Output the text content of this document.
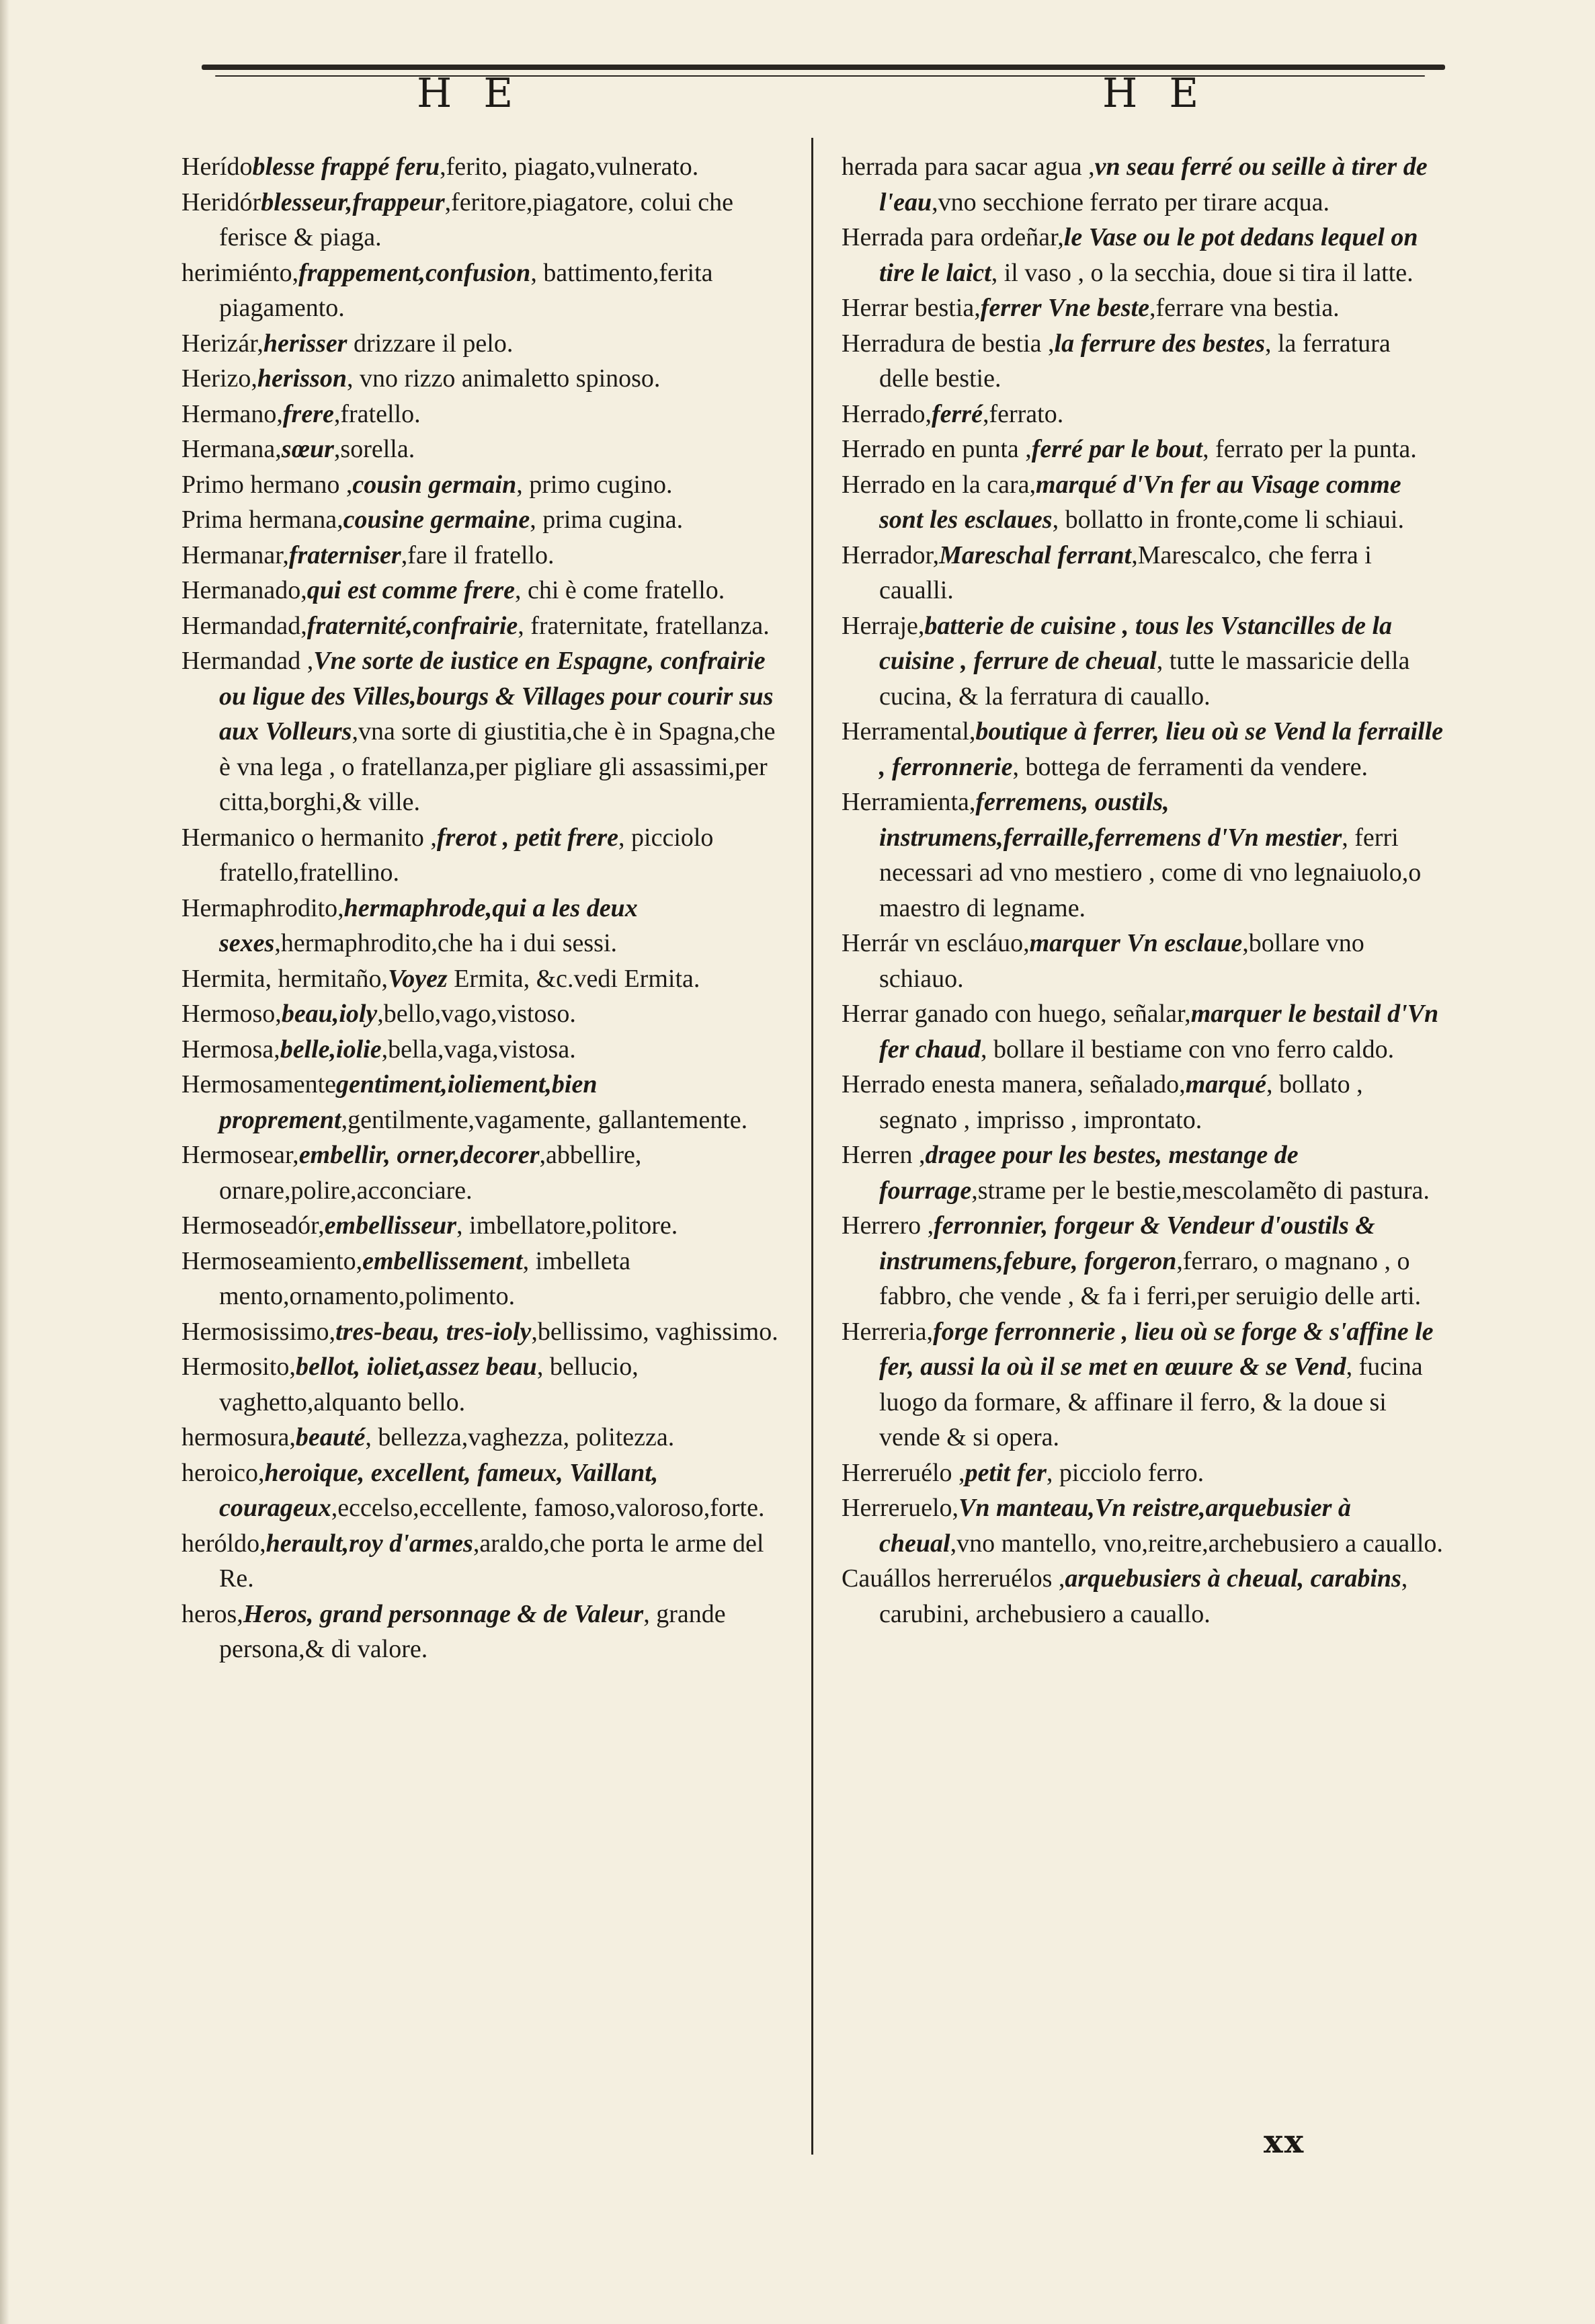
H E	H E

Herídoblesse frappé feru,ferito, piagato,vulnerato.

Heridórblesseur,frappeur,feritore,piagatore, colui che ferisce & piaga.

herimiénto,frappement,confusion, battimento,ferita piagamento.

Herizár,herisser drizzare il pelo.

Herizo,herisson, vno rizzo animaletto spinoso.

Hermano,frere,fratello.

Hermana,sœur,sorella.

Primo hermano ,cousin germain, primo cugino.

Prima hermana,cousine germaine, prima cugina.

Hermanar,fraterniser,fare il fratello.

Hermanado,qui est comme frere, chi è come fratello.

Hermandad,fraternité,confrairie, fraternitate, fratellanza.

Hermandad ,Vne sorte de iustice en Espagne, confrairie ou ligue des Villes,bourgs & Villages pour courir sus aux Volleurs,vna sorte di giustitia,che è in Spagna,che è vna lega , o fratellanza,per pigliare gli assassimi,per citta,borghi,& ville.

Hermanico o hermanito ,frerot , petit frere, picciolo fratello,fratellino.

Hermaphrodito,hermaphrode,qui a les deux sexes,hermaphrodito,che ha i dui sessi.

Hermita, hermitaño,Voyez Ermita, &c.vedi Ermita.

Hermoso,beau,ioly,bello,vago,vistoso.

Hermosa,belle,iolie,bella,vaga,vistosa.

Hermosamentegentiment,ioliement,bien proprement,gentilmente,vagamente, gallantemente.

Hermosear,embellir, orner,decorer,abbellire, ornare,polire,acconciare.

Hermoseadór,embellisseur, imbellatore,politore.

Hermoseamiento,embellissement, imbelleta mento,ornamento,polimento.

Hermosissimo,tres-beau, tres-ioly,bellissimo, vaghissimo.

Hermosito,bellot, ioliet,assez beau, bellucio, vaghetto,alquanto bello.

hermosura,beauté, bellezza,vaghezza, politezza.

heroico,heroique, excellent, fameux, Vaillant, courageux,eccelso,eccellente, famoso,valoroso,forte.

heróldo,herault,roy d'armes,araldo,che porta le arme del Re.

heros,Heros, grand personnage & de Valeur, grande persona,& di valore.

herrada para sacar agua ,vn seau ferré ou seille à tirer de l'eau,vno secchione ferrato per tirare acqua.

Herrada para ordeñar,le Vase ou le pot dedans lequel on tire le laict, il vaso , o la secchia, doue si tira il latte.

Herrar bestia,ferrer Vne beste,ferrare vna bestia.

Herradura de bestia ,la ferrure des bestes, la ferratura delle bestie.

Herrado,ferré,ferrato.

Herrado en punta ,ferré par le bout, ferrato per la punta.

Herrado en la cara,marqué d'Vn fer au Visage comme sont les esclaues, bollatto in fronte,come li schiaui.

Herrador,Mareschal ferrant,Marescalco, che ferra i caualli.

Herraje,batterie de cuisine , tous les Vstancilles de la cuisine , ferrure de cheual, tutte le massaricie della cucina, & la ferratura di cauallo.

Herramental,boutique à ferrer, lieu où se Vend la ferraille , ferronnerie, bottega de ferramenti da vendere.

Herramienta,ferremens, oustils, instrumens,ferraille,ferremens d'Vn mestier, ferri necessari ad vno mestiero , come di vno legnaiuolo,o maestro di legname.

Herrár vn escláuo,marquer Vn esclaue,bollare vno schiauo.

Herrar ganado con huego, señalar,marquer le bestail d'Vn fer chaud, bollare il bestiame con vno ferro caldo.

Herrado enesta manera, señalado,marqué, bollato , segnato , imprisso , improntato.

Herren ,dragee pour les bestes, mestange de fourrage,strame per le bestie,mescolamẽto di pastura.

Herrero ,ferronnier, forgeur & Vendeur d'oustils & instrumens,febure, forgeron,ferraro, o magnano , o fabbro, che vende , & fa i ferri,per seruigio delle arti.

Herreria,forge ferronnerie , lieu où se forge & s'affine le fer, aussi la où il se met en œuure & se Vend, fucina luogo da formare, & affinare il ferro, & la doue si vende & si opera.

Herreruélo ,petit fer, picciolo ferro.

Herreruelo,Vn manteau,Vn reistre,arquebusier à cheual,vno mantello, vno,reitre,archebusiero a cauallo.

Cauállos herreruélos ,arquebusiers à cheual, carabins, carubini, archebusiero a cauallo.

xx
